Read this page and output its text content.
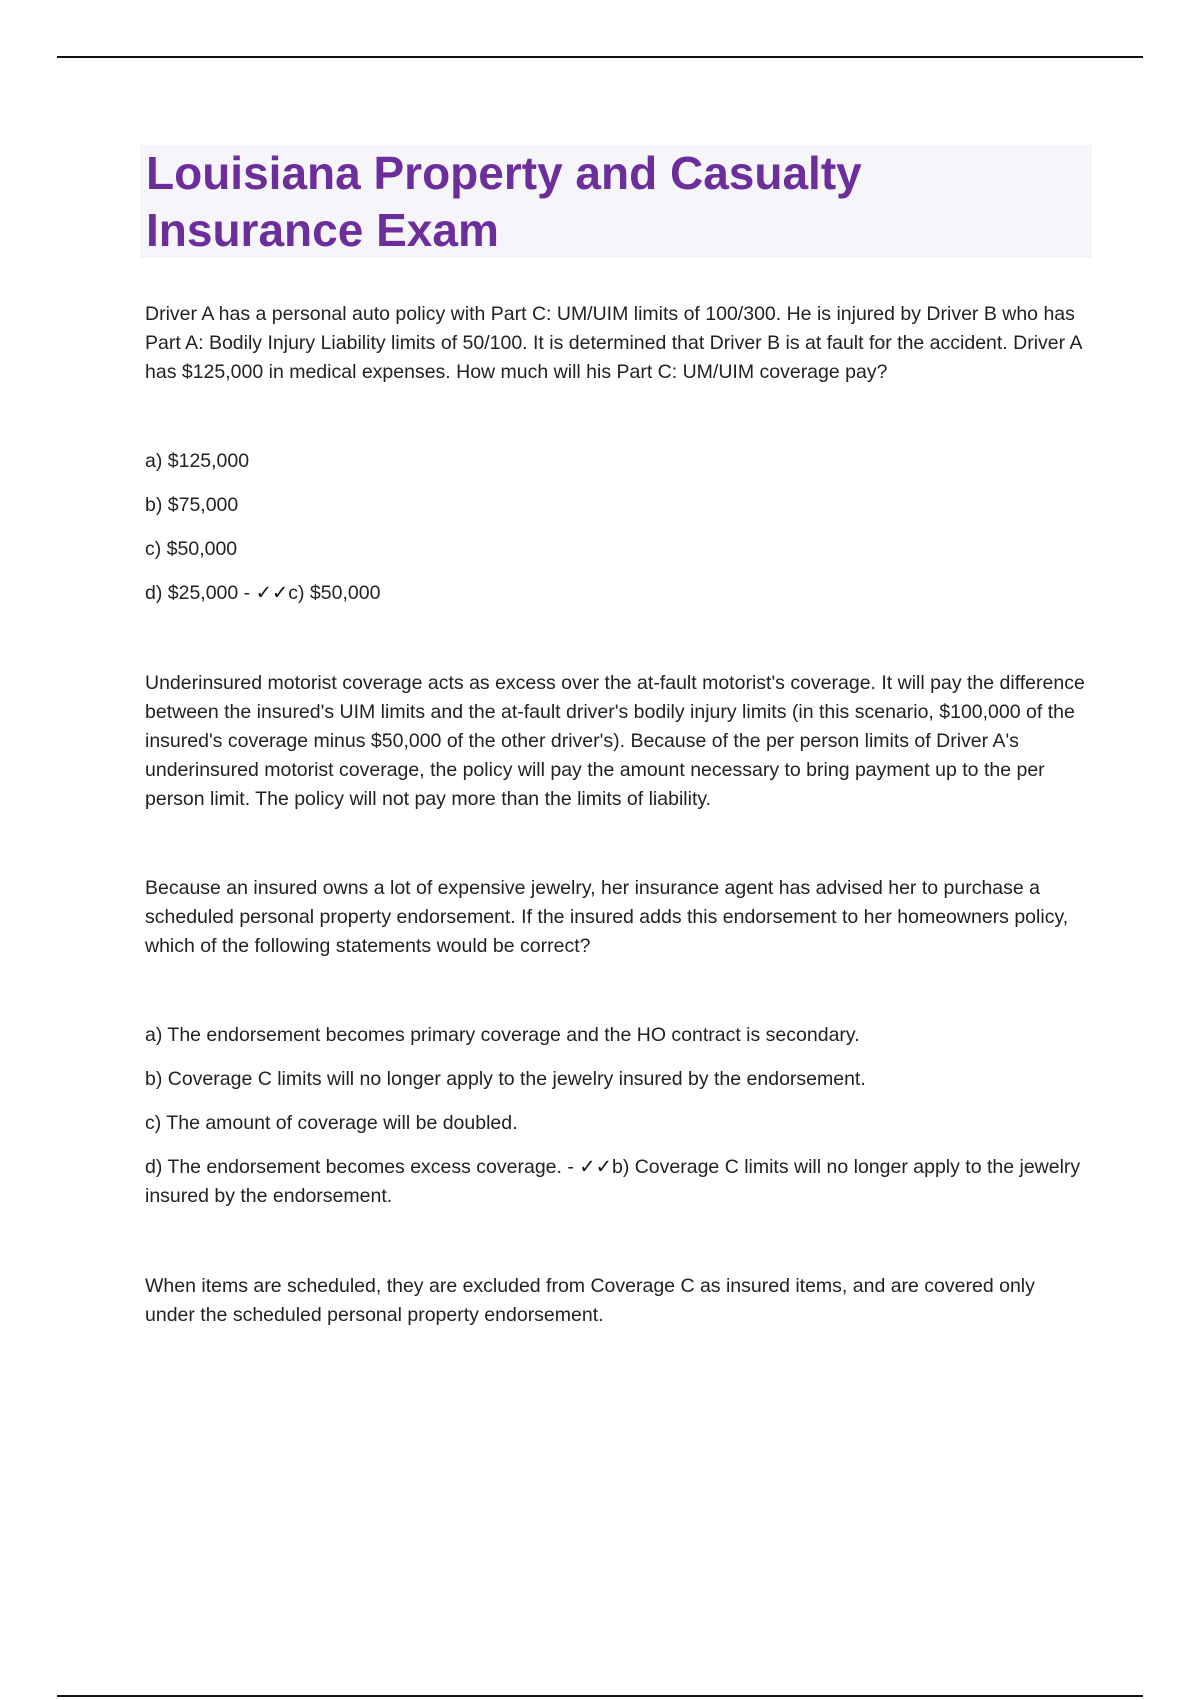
Louisiana Property and Casualty Insurance Exam

Driver A has a personal auto policy with Part C: UM/UIM limits of 100/300. He is injured by Driver B who has Part A: Bodily Injury Liability limits of 50/100. It is determined that Driver B is at fault for the accident. Driver A has $125,000 in medical expenses. How much will his Part C: UM/UIM coverage pay?

a) $125,000

b) $75,000

c) $50,000

d) $25,000 - ✓✓c) $50,000

Underinsured motorist coverage acts as excess over the at-fault motorist's coverage. It will pay the difference between the insured's UIM limits and the at-fault driver's bodily injury limits (in this scenario, $100,000 of the insured's coverage minus $50,000 of the other driver's). Because of the per person limits of Driver A's underinsured motorist coverage, the policy will pay the amount necessary to bring payment up to the per person limit. The policy will not pay more than the limits of liability.

Because an insured owns a lot of expensive jewelry, her insurance agent has advised her to purchase a scheduled personal property endorsement. If the insured adds this endorsement to her homeowners policy, which of the following statements would be correct?

a) The endorsement becomes primary coverage and the HO contract is secondary.

b) Coverage C limits will no longer apply to the jewelry insured by the endorsement.

c) The amount of coverage will be doubled.

d) The endorsement becomes excess coverage. - ✓✓b) Coverage C limits will no longer apply to the jewelry insured by the endorsement.

When items are scheduled, they are excluded from Coverage C as insured items, and are covered only under the scheduled personal property endorsement.
